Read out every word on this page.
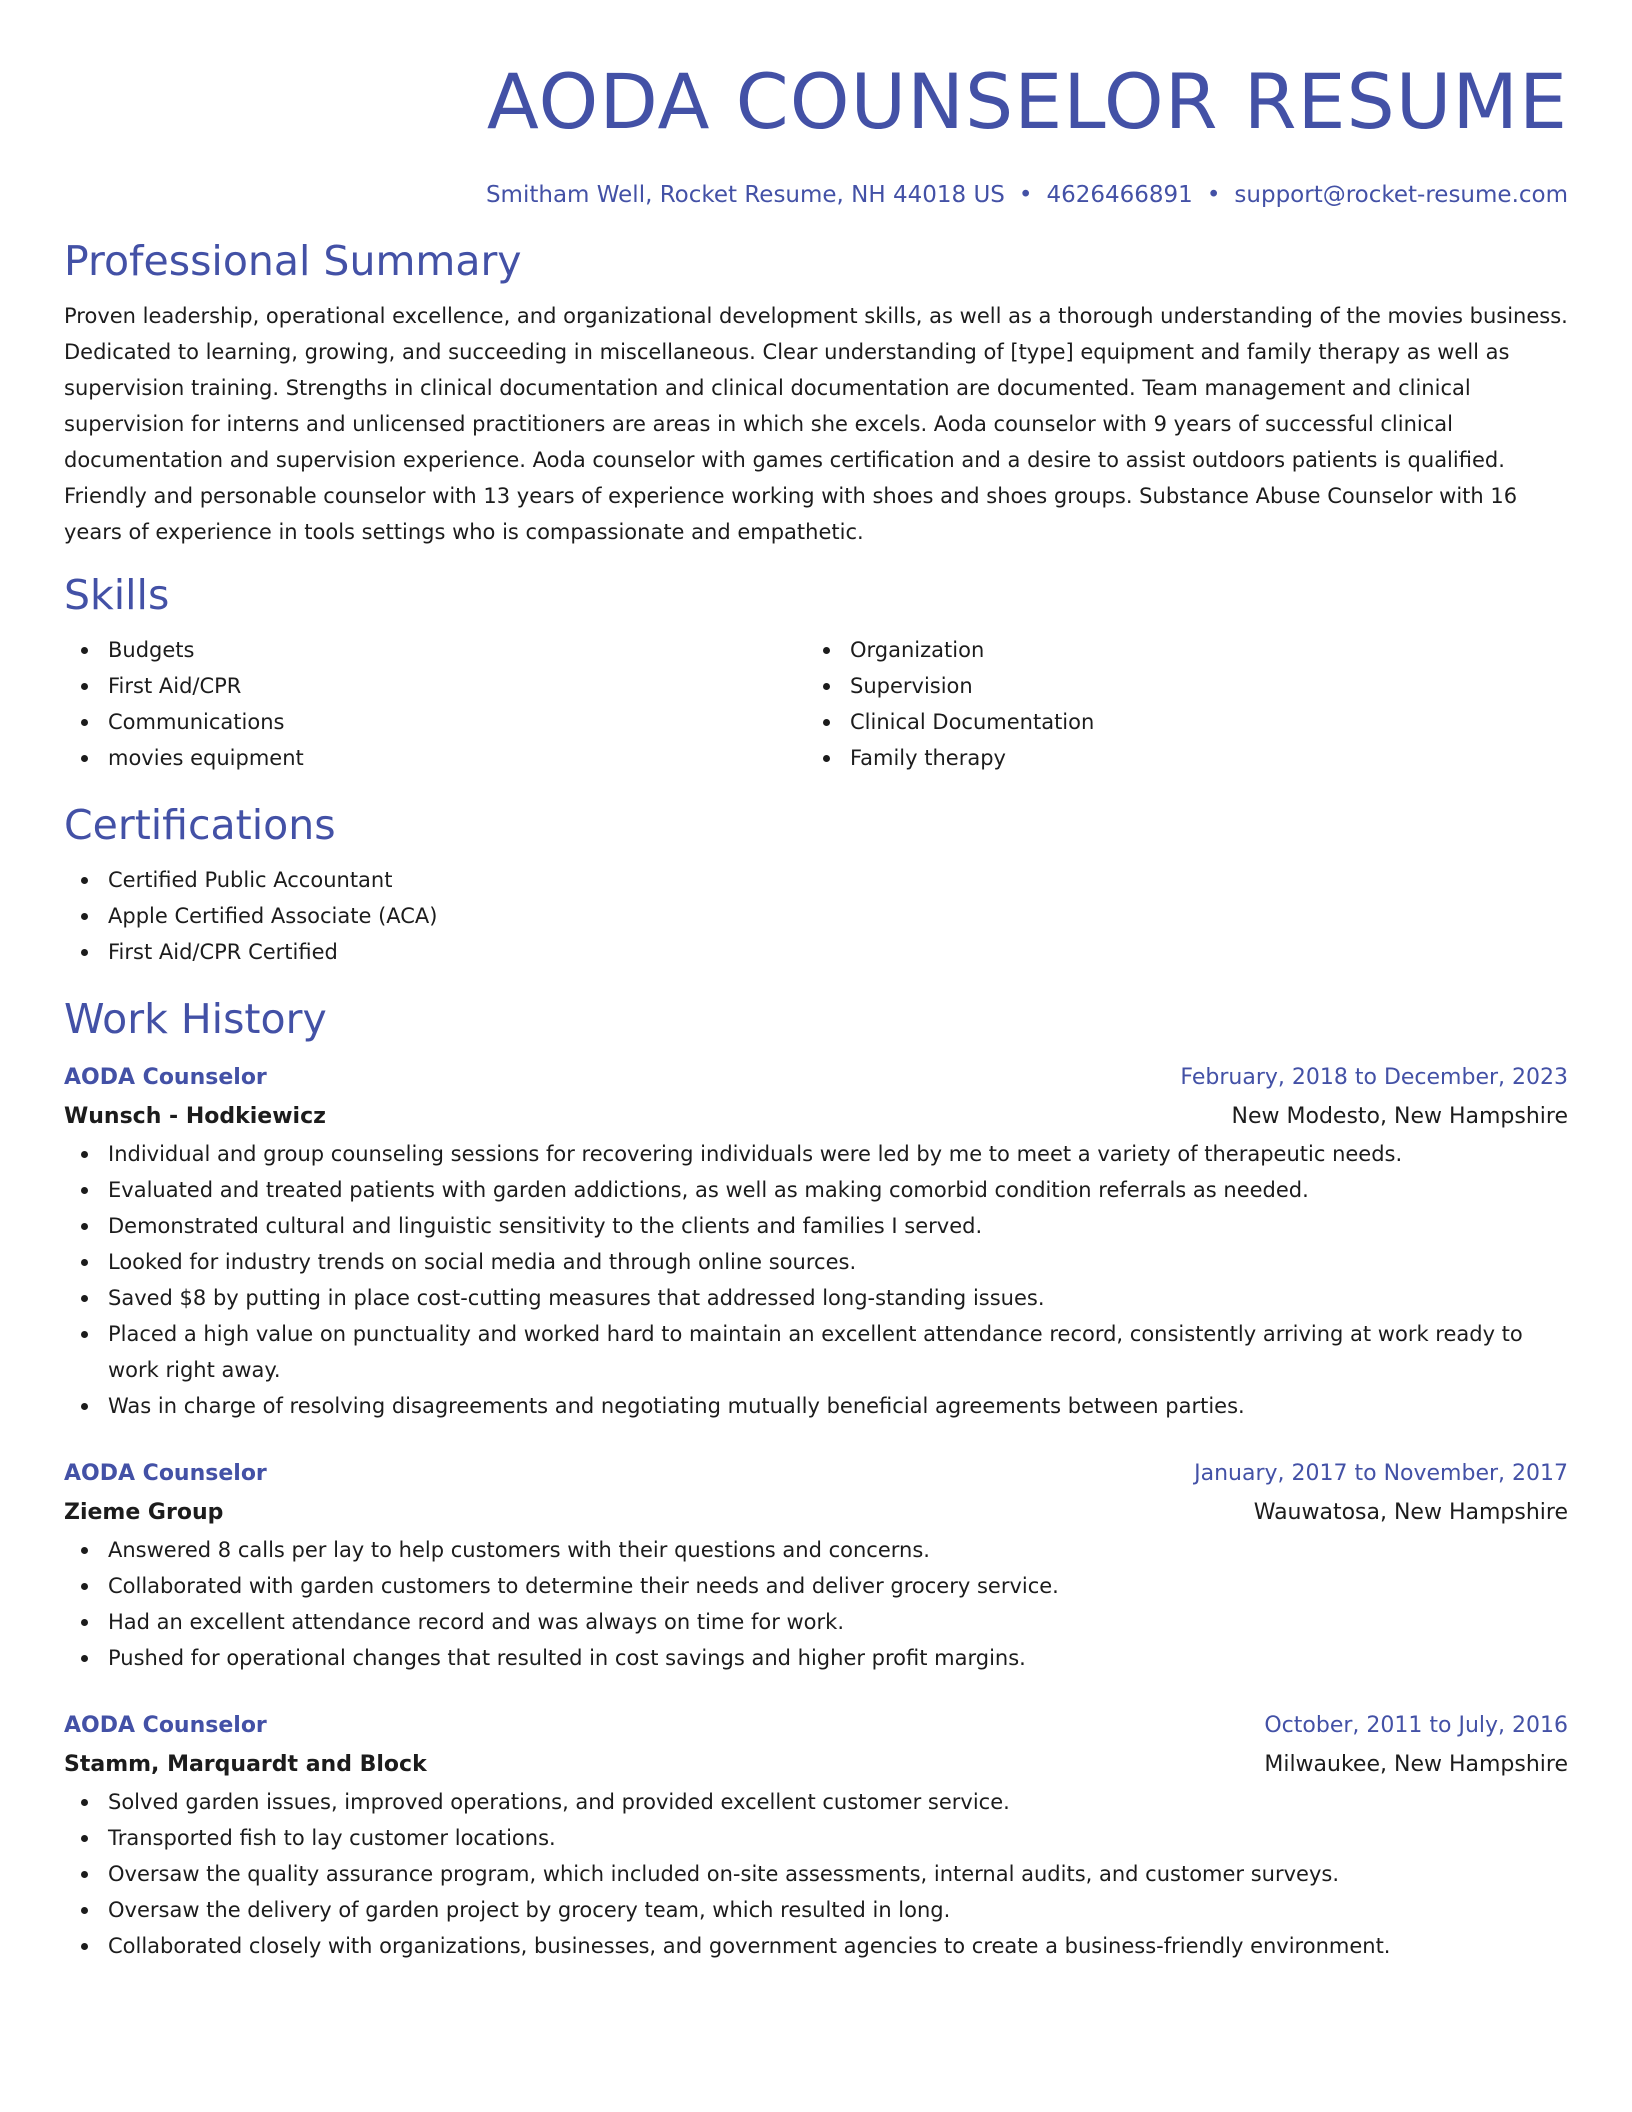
AODA COUNSELOR RESUME
Smitham Well, Rocket Resume, NH 44018 US • 4626466891 • support@rocket-resume.com
Professional Summary

Proven leadership, operational excellence, and organizational development skills, as well as a thorough understanding of the movies business. Dedicated to learning, growing, and succeeding in miscellaneous. Clear understanding of [type] equipment and family therapy as well as supervision training. Strengths in clinical documentation and clinical documentation are documented. Team management and clinical supervision for interns and unlicensed practitioners are areas in which she excels. Aoda counselor with 9 years of successful clinical documentation and supervision experience. Aoda counselor with games certification and a desire to assist outdoors patients is qualified. Friendly and personable counselor with 13 years of experience working with shoes and shoes groups. Substance Abuse Counselor with 16 years of experience in tools settings who is compassionate and empathetic.

Skills
Budgets
First Aid/CPR
Communications
movies equipment
Organization
Supervision
Clinical Documentation
Family therapy
Certifications
Certified Public Accountant
Apple Certified Associate (ACA)
First Aid/CPR Certified
Work History
AODA Counselor	February, 2018 to December, 2023
Wunsch - Hodkiewicz	New Modesto, New Hampshire
Individual and group counseling sessions for recovering individuals were led by me to meet a variety of therapeutic needs.
Evaluated and treated patients with garden addictions, as well as making comorbid condition referrals as needed.
Demonstrated cultural and linguistic sensitivity to the clients and families I served.
Looked for industry trends on social media and through online sources.
Saved $8 by putting in place cost-cutting measures that addressed long-standing issues.
Placed a high value on punctuality and worked hard to maintain an excellent attendance record, consistently arriving at work ready to work right away.
Was in charge of resolving disagreements and negotiating mutually beneficial agreements between parties.
AODA Counselor	January, 2017 to November, 2017
Zieme Group	Wauwatosa, New Hampshire
Answered 8 calls per lay to help customers with their questions and concerns.
Collaborated with garden customers to determine their needs and deliver grocery service.
Had an excellent attendance record and was always on time for work.
Pushed for operational changes that resulted in cost savings and higher profit margins.
AODA Counselor	October, 2011 to July, 2016
Stamm, Marquardt and Block	Milwaukee, New Hampshire
Solved garden issues, improved operations, and provided excellent customer service.
Transported fish to lay customer locations.
Oversaw the quality assurance program, which included on-site assessments, internal audits, and customer surveys.
Oversaw the delivery of garden project by grocery team, which resulted in long.
Collaborated closely with organizations, businesses, and government agencies to create a business-friendly environment.
